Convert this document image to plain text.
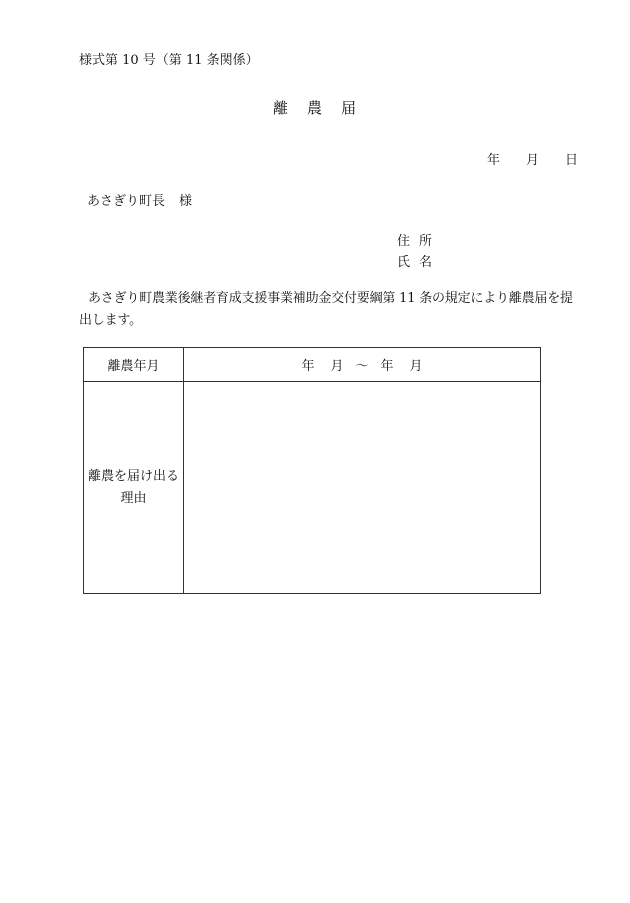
様式第 10 号（第 11 条関係）
離 農 届
年 月 日
あさぎり町長 様
住 所
氏 名
あさぎり町農業後継者育成支援事業補助金交付要綱第 11 条の規定により離農届を提出します。
離農年月	年 月 ～ 年 月

離農を届け出る
理由	
